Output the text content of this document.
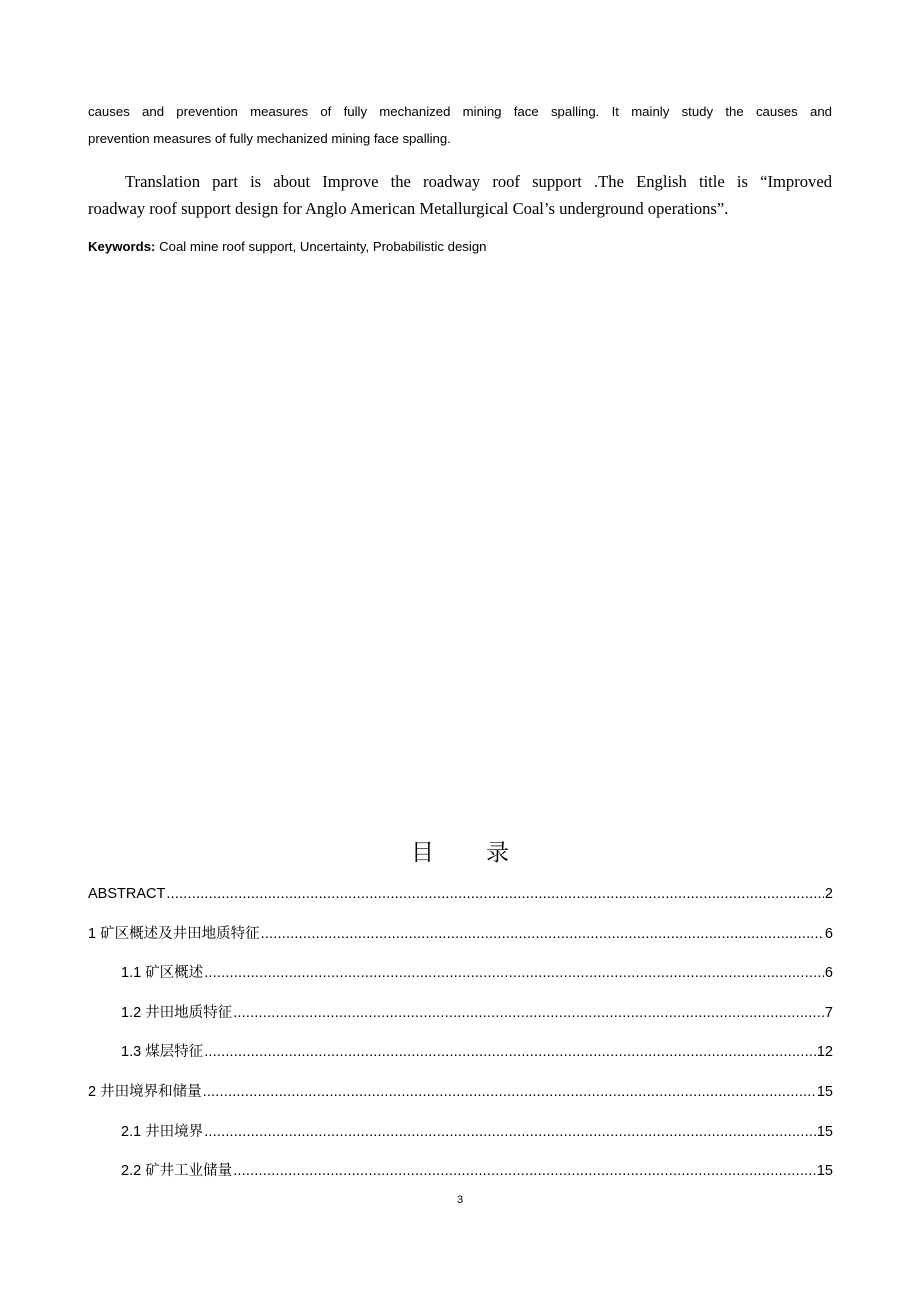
causes and prevention measures of fully mechanized mining face spalling. It mainly study the causes and
prevention measures of fully mechanized mining face spalling.
Translation part is about Improve the roadway roof support .The English title is “Improved
roadway roof support design for Anglo American Metallurgical Coal’s underground operations”.
Keywords: Coal mine roof support, Uncertainty, Probabilistic design
目 录
ABSTRACT .....	2
1 矿区概述及井田地质特征 .....	6
1.1 矿区概述 .....	6
1.2 井田地质特征 .....	7
1.3 煤层特征 .....	12
2 井田境界和储量 .....	15
2.1 井田境界 .....	15
2.2 矿井工业储量 .....	15
3
